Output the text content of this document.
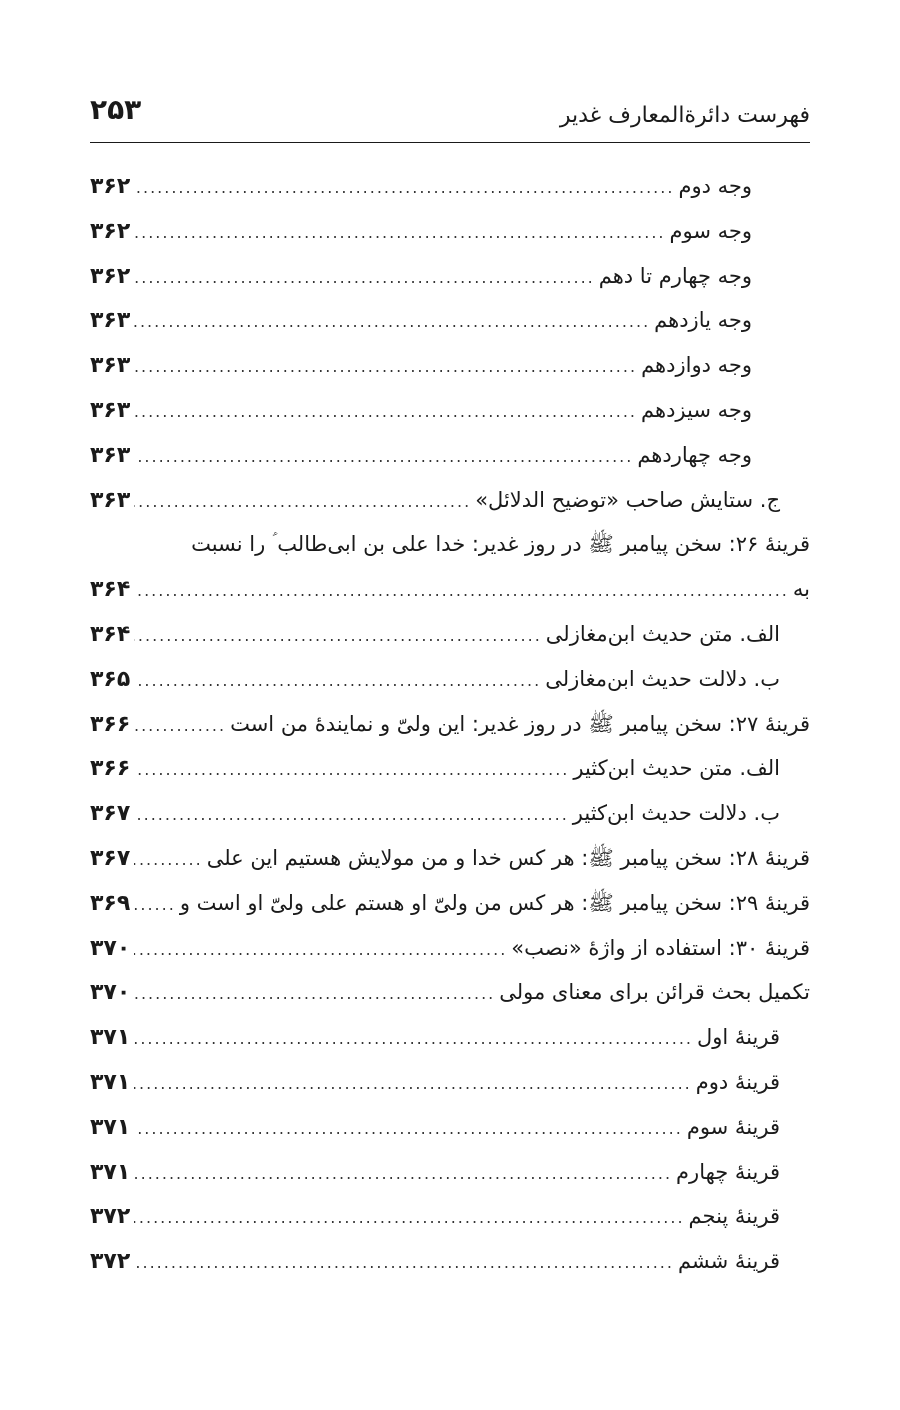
فهرست دائرةالمعارف غدیر
۲۵۳
وجه دوم
.....
۳۶۲
وجه سوم
.....
۳۶۲
وجه چهارم تا دهم
.....
۳۶۲
وجه یازدهم
.....
۳۶۳
وجه دوازدهم
.....
۳۶۳
وجه سیزدهم
.....
۳۶۳
وجه چهاردهم
.....
۳۶۳
ج. ستایش صاحب «توضیح الدلائل»
.....
۳۶۳
قرینهٔ ۲۶: سخن پیامبر ﷺ در روز غدیر: خدا علی بن ابی‌طالب ؑ را نسبت
به
.....
۳۶۴
الف. متن حدیث ابن‌مغازلی
.....
۳۶۴
ب. دلالت حدیث ابن‌مغازلی
.....
۳۶۵
قرینهٔ ۲۷: سخن پیامبر ﷺ در روز غدیر: این ولیّ و نمایندهٔ من است
.....
۳۶۶
الف. متن حدیث ابن‌کثیر
.....
۳۶۶
ب. دلالت حدیث ابن‌کثیر
.....
۳۶۷
قرینهٔ ۲۸: سخن پیامبر ﷺ: هر کس خدا و من مولایش هستیم این علی
.....
۳۶۷
قرینهٔ ۲۹: سخن پیامبر ﷺ: هر کس من ولیّ او هستم علی ولیّ او است و
.....
۳۶۹
قرینهٔ ۳۰: استفاده از واژهٔ «نصب»
.....
۳۷۰
تکمیل بحث قرائن برای معنای مولی
.....
۳۷۰
قرینهٔ اول
.....
۳۷۱
قرینهٔ دوم
.....
۳۷۱
قرینهٔ سوم
.....
۳۷۱
قرینهٔ چهارم
.....
۳۷۱
قرینهٔ پنجم
.....
۳۷۲
قرینهٔ ششم
.....
۳۷۲
